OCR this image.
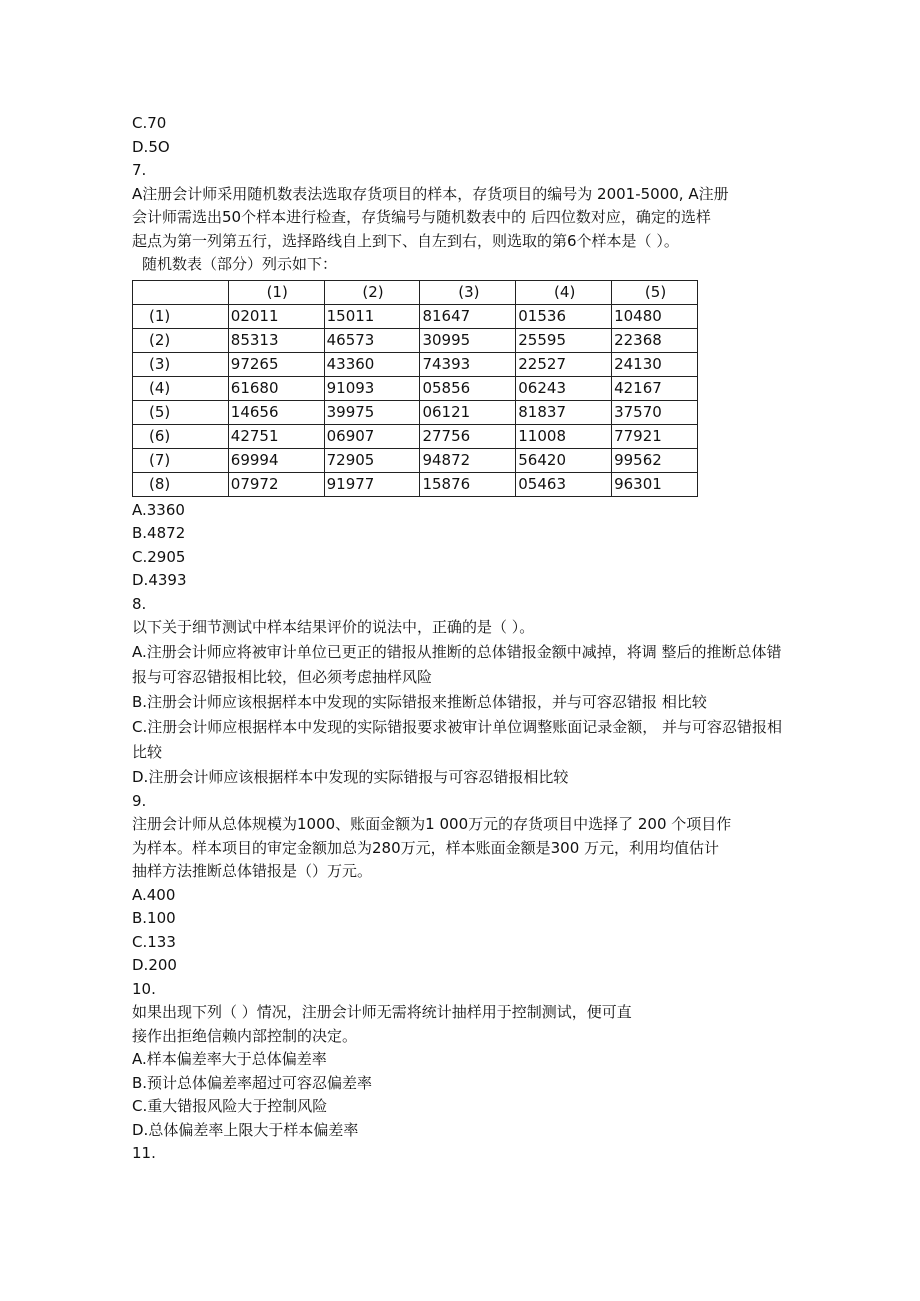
C.70
D.5O
7.
A注册会计师采用随机数表法选取存货项目的样本，存货项目的编号为 2001-5000, A注册
会计师需选出50个样本进行检查，存货编号与随机数表中的 后四位数对应，确定的选样
起点为第一列第五行，选择路线自上到下、自左到右，则选取的第6个样本是（ ）。
随机数表（部分）列示如下：
	(1)	(2)	(3)	(4)	(5)
(1)	02011	15011	81647	01536	10480
(2)	85313	46573	30995	25595	22368
(3)	97265	43360	74393	22527	24130
(4)	61680	91093	05856	06243	42167
(5)	14656	39975	06121	81837	37570
(6)	42751	06907	27756	11008	77921
(7)	69994	72905	94872	56420	99562
(8)	07972	91977	15876	05463	96301
A.3360
B.4872
C.2905
D.4393
8.
以下关于细节测试中样本结果评价的说法中，正确的是（ ）。
A.注册会计师应将被审计单位已更正的错报从推断的总体错报金额中减掉，将调 整后的推断总体错报与可容忍错报相比较，但必须考虑抽样风险
B.注册会计师应该根据样本中发现的实际错报来推断总体错报，并与可容忍错报 相比较
C.注册会计师应根据样本中发现的实际错报要求被审计单位调整账面记录金额， 并与可容忍错报相比较
D.注册会计师应该根据样本中发现的实际错报与可容忍错报相比较
9.
注册会计师从总体规模为1000、账面金额为1 000万元的存货项目中选择了 200 个项目作
为样本。样本项目的审定金额加总为280万元，样本账面金额是300 万元，利用均值估计
抽样方法推断总体错报是（）万元。
A.400
B.100
C.133
D.200
10.
如果出现下列（ ）情况，注册会计师无需将统计抽样用于控制测试，便可直
接作出拒绝信赖内部控制的决定。
A.样本偏差率大于总体偏差率
B.预计总体偏差率超过可容忍偏差率
C.重大错报风险大于控制风险
D.总体偏差率上限大于样本偏差率
11.
